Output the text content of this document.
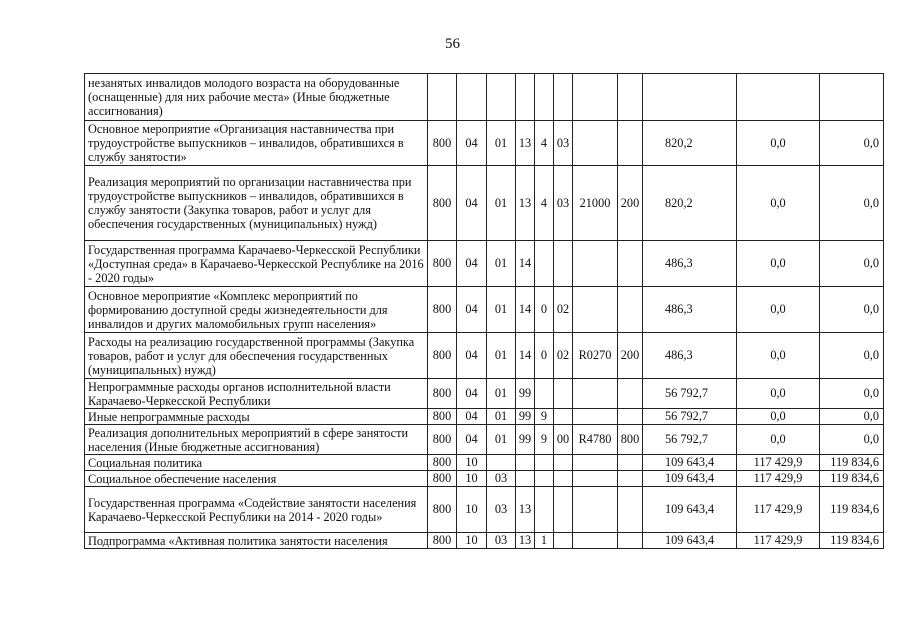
56
незанятых инвалидов молодого возраста на оборудованные (оснащенные) для них рабочие места» (Иные бюджетные ассигнования)											
Основное мероприятие «Организация наставничества при трудоустройстве выпускников – инвалидов, обратившихся в службу занятости»	800	04	01	13	4	03			820,2	0,0	0,0
Реализация мероприятий по организации наставничества при трудоустройстве выпускников – инвалидов, обратившихся в службу занятости (Закупка товаров, работ и услуг для обеспечения государственных (муниципальных) нужд)	800	04	01	13	4	03	21000	200	820,2	0,0	0,0
Государственная программа Карачаево-Черкесской Республики «Доступная среда» в Карачаево-Черкесской Республике на 2016 - 2020 годы»	800	04	01	14					486,3	0,0	0,0
Основное мероприятие «Комплекс мероприятий по формированию доступной среды жизнедеятельности для инвалидов и других маломобильных групп населения»	800	04	01	14	0	02			486,3	0,0	0,0
Расходы на реализацию государственной программы (Закупка товаров, работ и услуг для обеспечения государственных (муниципальных) нужд)	800	04	01	14	0	02	R0270	200	486,3	0,0	0,0
Непрограммные расходы органов исполнительной власти Карачаево-Черкесской Республики	800	04	01	99					56 792,7	0,0	0,0
Иные непрограммные расходы	800	04	01	99	9				56 792,7	0,0	0,0
Реализация дополнительных мероприятий в сфере занятости населения (Иные бюджетные ассигнования)	800	04	01	99	9	00	R4780	800	56 792,7	0,0	0,0
Социальная политика	800	10							109 643,4	117 429,9	119 834,6
Социальное обеспечение населения	800	10	03						109 643,4	117 429,9	119 834,6
Государственная программа «Содействие занятости населения Карачаево-Черкесской Республики на 2014 - 2020 годы»	800	10	03	13					109 643,4	117 429,9	119 834,6
Подпрограмма «Активная политика занятости населения	800	10	03	13	1				109 643,4	117 429,9	119 834,6
